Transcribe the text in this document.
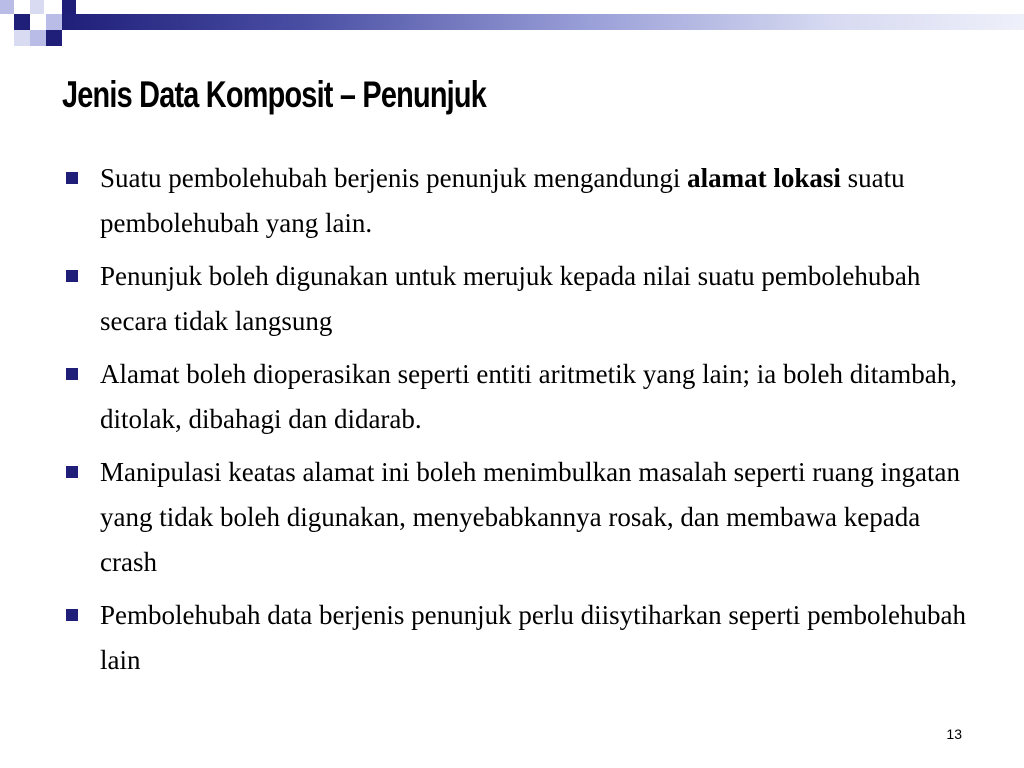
Jenis Data Komposit – Penunjuk
Suatu pembolehubah berjenis penunjuk mengandungi alamat lokasi suatu pembolehubah yang lain.
Penunjuk boleh digunakan untuk merujuk kepada nilai suatu pembolehubah secara tidak langsung
Alamat boleh dioperasikan seperti entiti aritmetik yang lain; ia boleh ditambah, ditolak, dibahagi dan didarab.
Manipulasi keatas alamat ini boleh menimbulkan masalah seperti ruang ingatan yang tidak boleh digunakan, menyebabkannya rosak, dan membawa kepada crash
Pembolehubah data berjenis penunjuk perlu diisytiharkan seperti pembolehubah lain
13
